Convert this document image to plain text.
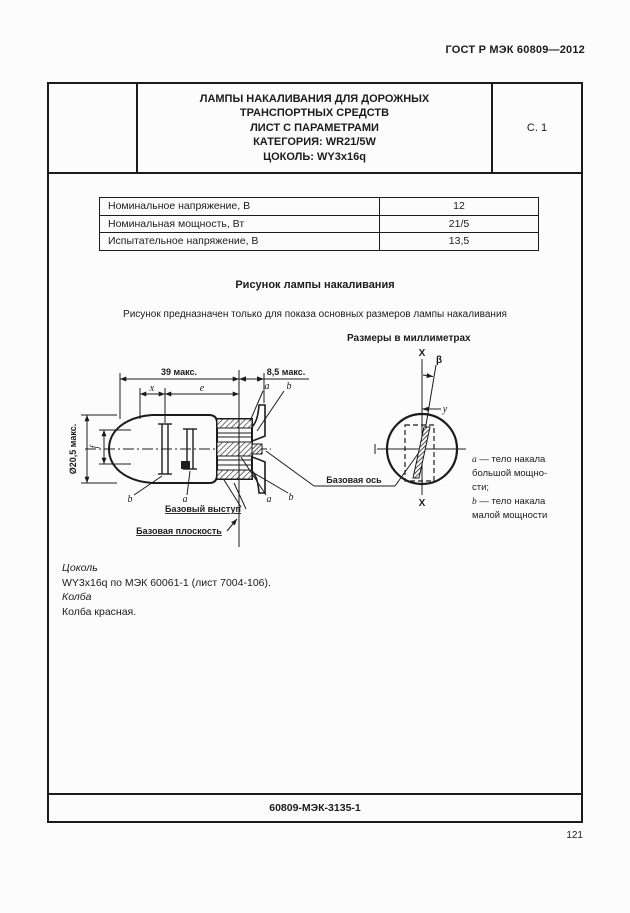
ГОСТ Р МЭК 60809—2012
ЛАМПЫ НАКАЛИВАНИЯ ДЛЯ ДОРОЖНЫХ
ТРАНСПОРТНЫХ СРЕДСТВ
ЛИСТ С ПАРАМЕТРАМИ
КАТЕГОРИЯ: WR21/5W
ЦОКОЛЬ: WY3x16q
С. 1
Номинальное напряжение, В	12
Номинальная мощность, Вт	21/5
Испытательное напряжение, В	13,5
Рисунок лампы накаливания
Рисунок предназначен только для показа основных размеров лампы накаливания
Размеры в миллиметрах
39 макс.	8,5 макс.
x	e
Ø20,5 макс. f
a b
b	a	a b
Базовый выступ
Базовая плоскость
Базовая ось
X
X
β
y
a — тело накала
большой мощно-
сти;
b — тело накала
малой мощности
Цоколь
WY3x16q по МЭК 60061-1 (лист 7004-106).
Колба
Колба красная.
60809-МЭК-3135-1
121
